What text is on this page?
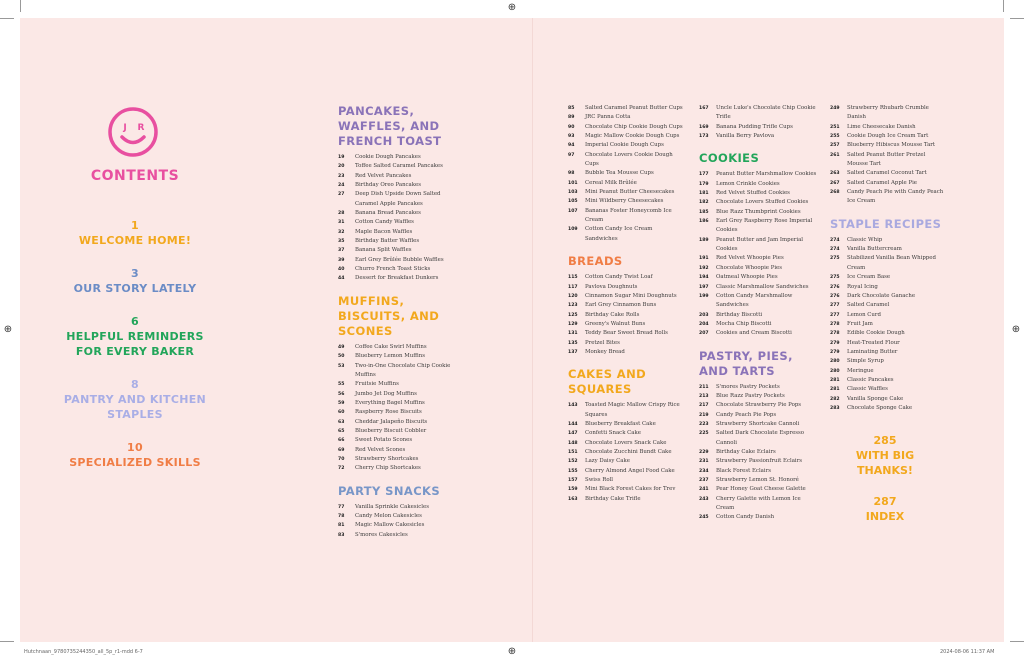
⊕
⊕
⊕	⊕
Hutchnaan_9780735244350_all_5p_r1-mdd 6-7	2024-08-06 11:37 AM
J R
CONTENTS
1
WELCOME HOME!
3
OUR STORY LATELY
6
HELPFUL REMINDERS FOR EVERY BAKER
8
PANTRY AND KITCHEN STAPLES
10
SPECIALIZED SKILLS
PANCAKES, WAFFLES, AND FRENCH TOAST
19	Cookie Dough Pancakes
20	Toffee Salted Caramel Pancakes
23	Red Velvet Pancakes
24	Birthday Oreo Pancakes
27	Deep Dish Upside Down Salted Caramel Apple Pancakes
28	Banana Bread Pancakes
31	Cotton Candy Waffles
32	Maple Bacon Waffles
35	Birthday Batter Waffles
37	Banana Split Waffles
39	Earl Grey Brûlée Bubble Waffles
40	Churro French Toast Sticks
44	Dessert for Breakfast Dunkers
MUFFINS, BISCUITS, AND SCONES
49	Coffee Cake Swirl Muffins
50	Blueberry Lemon Muffins
53	Two-in-One Chocolate Chip Cookie Muffins
55	Fruitsie Muffins
56	Jumbo Jet Dog Muffins
59	Everything Bagel Muffins
60	Raspberry Rose Biscuits
63	Cheddar Jalapeño Biscuits
65	Blueberry Biscuit Cobbler
66	Sweet Potato Scones
69	Red Velvet Scones
70	Strawberry Shortcakes
72	Cherry Chip Shortcakes
PARTY SNACKS
77	Vanilla Sprinkle Cakesicles
78	Candy Melon Cakesicles
81	Magic Mallow Cakesicles
83	S'mores Cakesicles
85	Salted Caramel Peanut Butter Cups
89	JRC Panna Cotta
90	Chocolate Chip Cookie Dough Cups
93	Magic Mallow Cookie Dough Cups
94	Imperial Cookie Dough Cups
97	Chocolate Lovers Cookie Dough Cups
98	Bubble Tea Mousse Cups
101	Cereal Milk Brûlée
103	Mini Peanut Butter Cheesecakes
105	Mini Wildberry Cheesecakes
107	Bananas Foster Honeycomb Ice Cream
109	Cotton Candy Ice Cream Sandwiches
BREADS
115	Cotton Candy Twist Loaf
117	Pavlova Doughnuts
120	Cinnamon Sugar Mini Doughnuts
123	Earl Grey Cinnamon Buns
125	Birthday Cake Rolls
129	Greeny's Walnut Buns
131	Teddy Bear Sweet Bread Rolls
135	Pretzel Bites
137	Monkey Bread
CAKES AND SQUARES
143	Toasted Magic Mallow Crispy Rice Squares
144	Blueberry Breakfast Cake
147	Confetti Snack Cake
148	Chocolate Lovers Snack Cake
151	Chocolate Zucchini Bundt Cake
152	Lazy Daisy Cake
155	Cherry Almond Angel Food Cake
157	Swiss Roll
159	Mini Black Forest Cakes for Trev
163	Birthday Cake Trifle
167	Uncle Luke's Chocolate Chip Cookie Trifle
169	Banana Pudding Trifle Cups
173	Vanilla Berry Pavlova
COOKIES
177	Peanut Butter Marshmallow Cookies
179	Lemon Crinkle Cookies
181	Red Velvet Stuffed Cookies
182	Chocolate Lovers Stuffed Cookies
185	Blue Razz Thumbprint Cookies
186	Earl Grey Raspberry Rose Imperial Cookies
189	Peanut Butter and Jam Imperial Cookies
191	Red Velvet Whoopie Pies
192	Chocolate Whoopie Pies
194	Oatmeal Whoopie Pies
197	Classic Marshmallow Sandwiches
199	Cotton Candy Marshmallow Sandwiches
203	Birthday Biscotti
204	Mocha Chip Biscotti
207	Cookies and Cream Biscotti
PASTRY, PIES, AND TARTS
211	S'mores Pastry Pockets
213	Blue Razz Pastry Pockets
217	Chocolate Strawberry Pie Pops
219	Candy Peach Pie Pops
223	Strawberry Shortcake Cannoli
225	Salted Dark Chocolate Espresso Cannoli
229	Birthday Cake Eclairs
231	Strawberry Passionfruit Eclairs
234	Black Forest Eclairs
237	Strawberry Lemon St. Honoré
241	Pear Honey Goat Cheese Galette
243	Cherry Galette with Lemon Ice Cream
245	Cotton Candy Danish
249	Strawberry Rhubarb Crumble Danish
251	Lime Cheesecake Danish
255	Cookie Dough Ice Cream Tart
257	Blueberry Hibiscus Mousse Tart
261	Salted Peanut Butter Pretzel Mousse Tart
263	Salted Caramel Coconut Tart
267	Salted Caramel Apple Pie
268	Candy Peach Pie with Candy Peach Ice Cream
STAPLE RECIPES
274	Classic Whip
274	Vanilla Buttercream
275	Stabilized Vanilla Bean Whipped Cream
275	Ice Cream Base
276	Royal Icing
276	Dark Chocolate Ganache
277	Salted Caramel
277	Lemon Curd
278	Fruit Jam
278	Edible Cookie Dough
279	Heat-Treated Flour
279	Laminating Butter
280	Simple Syrup
280	Meringue
281	Classic Pancakes
281	Classic Waffles
282	Vanilla Sponge Cake
283	Chocolate Sponge Cake
285
WITH BIG THANKS!
287
INDEX
